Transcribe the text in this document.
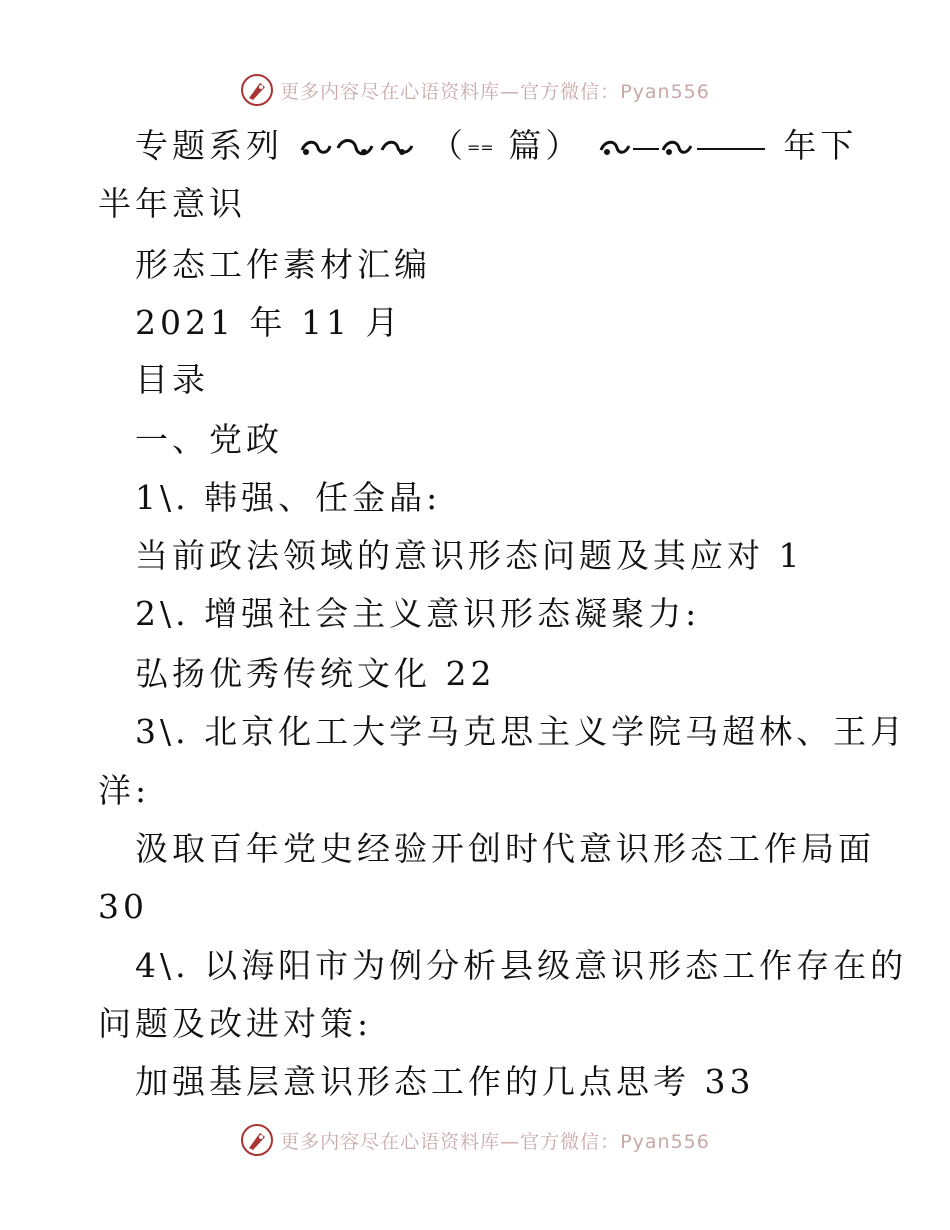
更多内容尽在心语资料库—官方微信：Pyan556
专题系列	（== 篇）	年下
半年意识
形态工作素材汇编
2021 年 11 月
目录
一、党政
1\. 韩强、任金晶:
当前政法领域的意识形态问题及其应对 1
2\. 增强社会主义意识形态凝聚力:
弘扬优秀传统文化 22
3\. 北京化工大学马克思主义学院马超林、王月
洋:
汲取百年党史经验开创时代意识形态工作局面
30
4\. 以海阳市为例分析县级意识形态工作存在的
问题及改进对策:
加强基层意识形态工作的几点思考 33
更多内容尽在心语资料库—官方微信：Pyan556
